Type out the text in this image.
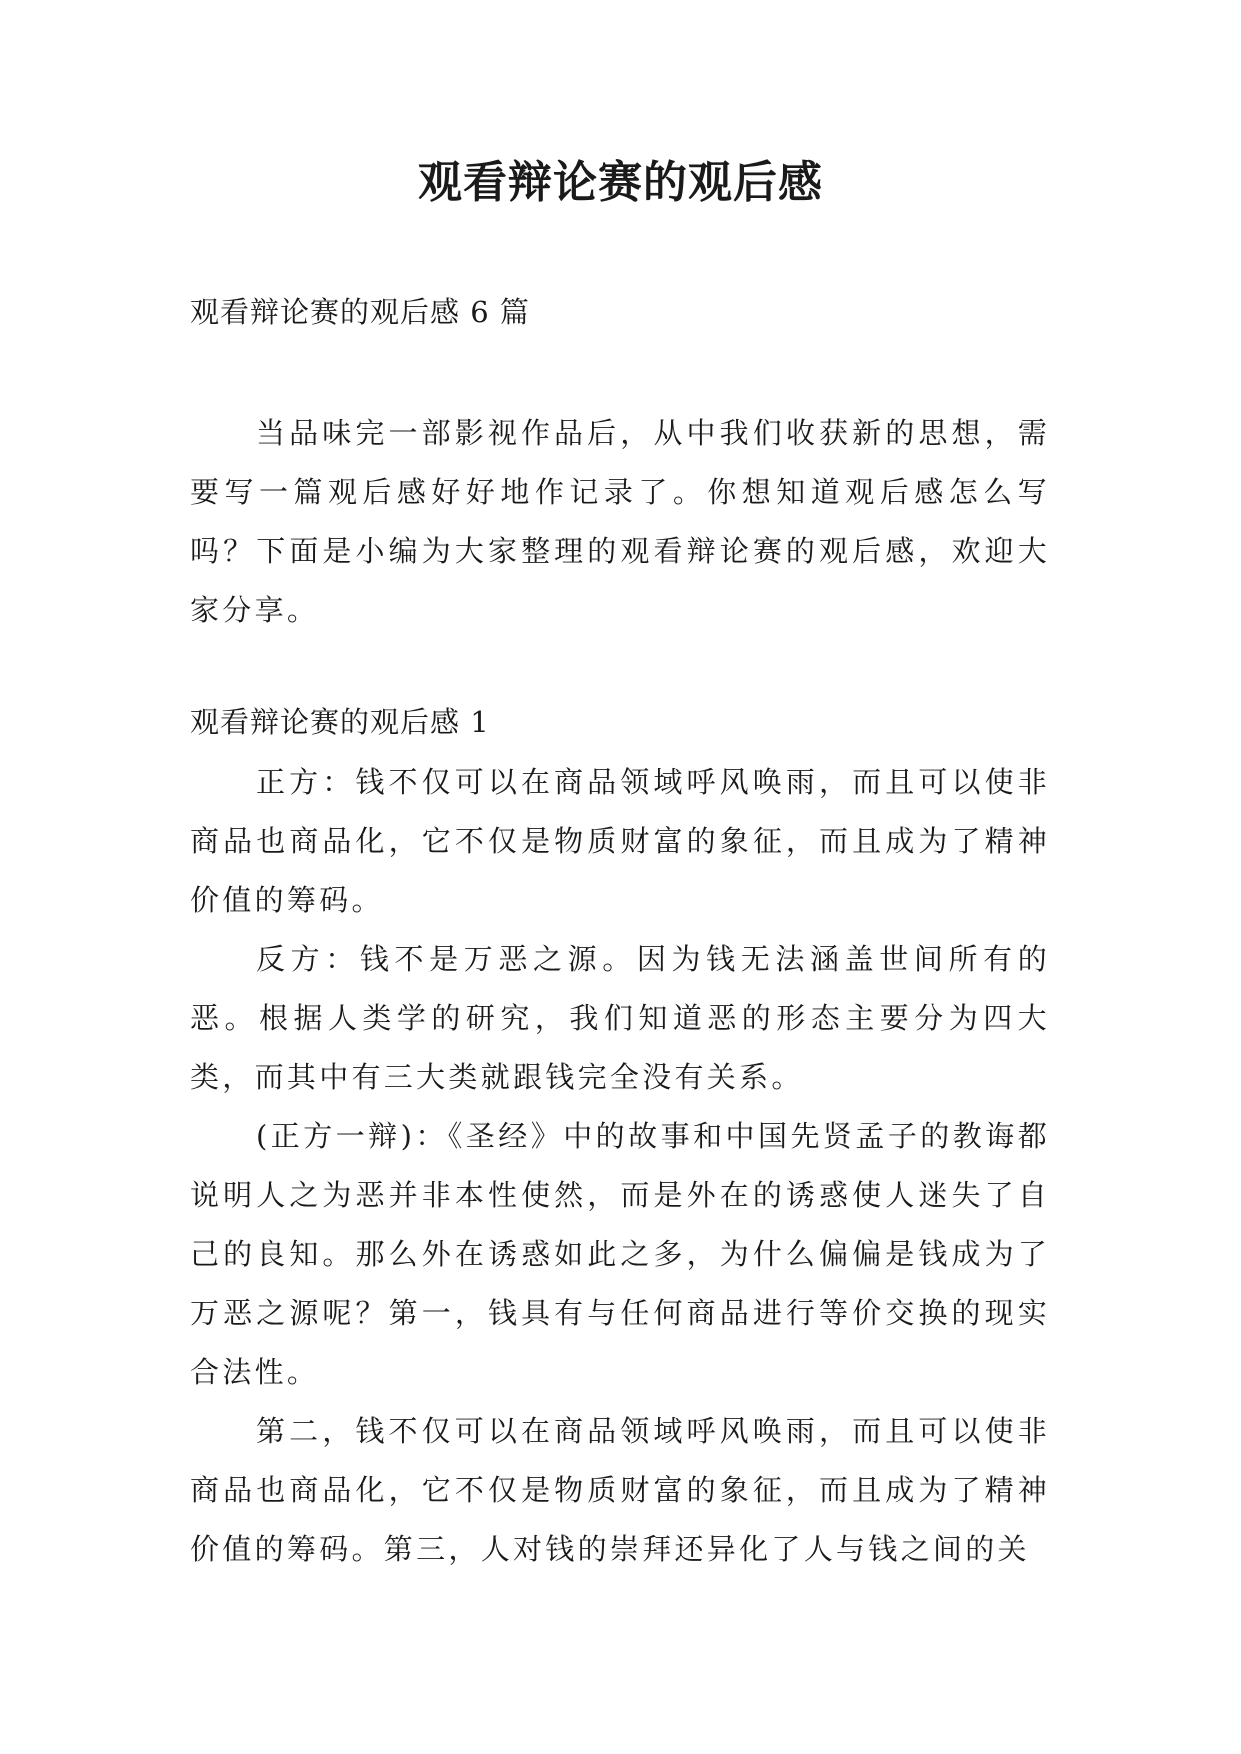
观看辩论赛的观后感

观看辩论赛的观后感 6 篇

当品味完一部影视作品后，从中我们收获新的思想，需要写一篇观后感好好地作记录了。你想知道观后感怎么写吗？下面是小编为大家整理的观看辩论赛的观后感，欢迎大家分享。

观看辩论赛的观后感 1

正方：钱不仅可以在商品领域呼风唤雨，而且可以使非商品也商品化，它不仅是物质财富的象征，而且成为了精神价值的筹码。

反方：钱不是万恶之源。因为钱无法涵盖世间所有的恶。根据人类学的研究，我们知道恶的形态主要分为四大类，而其中有三大类就跟钱完全没有关系。

(正方一辩)：《圣经》中的故事和中国先贤孟子的教诲都说明人之为恶并非本性使然，而是外在的诱惑使人迷失了自己的良知。那么外在诱惑如此之多，为什么偏偏是钱成为了万恶之源呢？第一，钱具有与任何商品进行等价交换的现实合法性。

第二，钱不仅可以在商品领域呼风唤雨，而且可以使非商品也商品化，它不仅是物质财富的象征，而且成为了精神价值的筹码。第三，人对钱的崇拜还异化了人与钱之间的关
